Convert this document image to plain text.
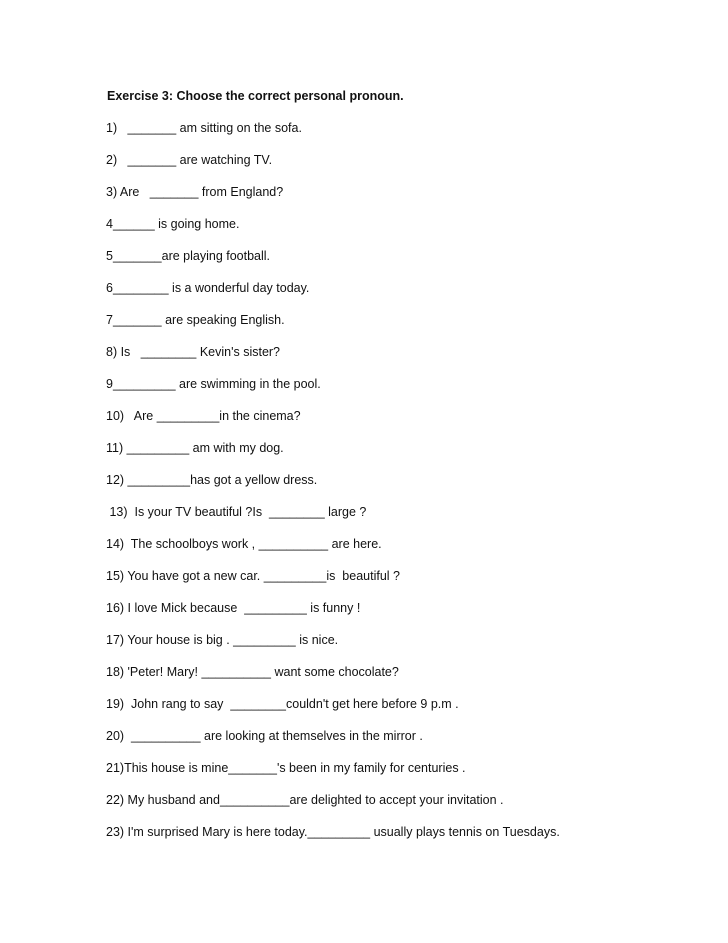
Exercise 3: Choose the correct personal pronoun.
1)   _______ am sitting on the sofa.
2)   _______ are watching TV.
3) Are   _______ from England?
4______ is going home.
5_______are playing football.
6________ is a wonderful day today.
7_______ are speaking English.
8) Is   ________ Kevin's sister?
9_________ are swimming in the pool.
10)   Are _________in the cinema?
11) _________ am with my dog.
12) _________has got a yellow dress.
13)  Is your TV beautiful ?Is  ________ large ?
14)  The schoolboys work , __________ are here.
15) You have got a new car. _________is  beautiful ?
16) I love Mick because  _________ is funny !
17) Your house is big . _________ is nice.
18) 'Peter! Mary! __________ want some chocolate?
19)  John rang to say  ________couldn't get here before 9 p.m .
20)  __________ are looking at themselves in the mirror .
21)This house is mine_______'s been in my family for centuries .
22) My husband and__________are delighted to accept your invitation .
23) I'm surprised Mary is here today._________ usually plays tennis on Tuesdays.
